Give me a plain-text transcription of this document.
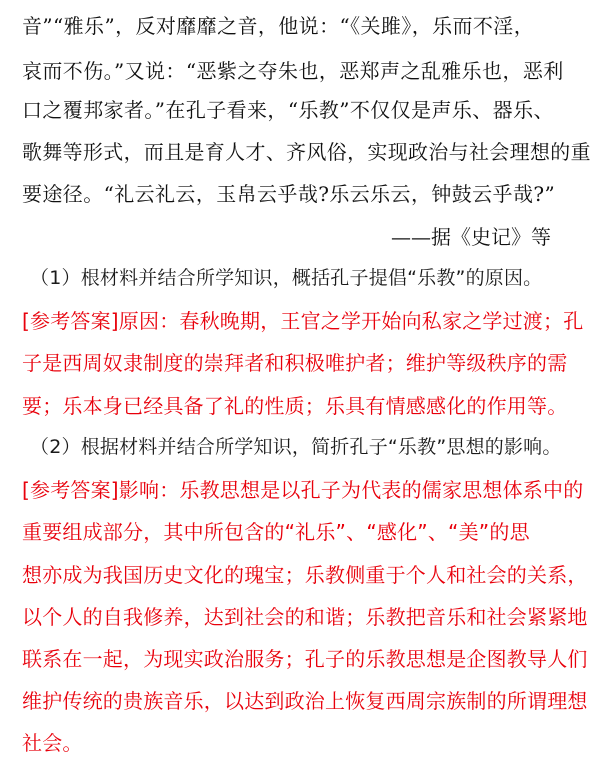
音”“雅乐”，反对靡靡之音，他说：“《关雎》，乐而不淫，
哀而不伤。”又说：“恶紫之夺朱也，恶郑声之乱雅乐也，恶利
口之覆邦家者。”在孔子看来，“乐教”不仅仅是声乐、器乐、
歌舞等形式，而且是育人才、齐风俗，实现政治与社会理想的重
要途径。“礼云礼云，玉帛云乎哉?乐云乐云，钟鼓云乎哉?”
——据《史记》等
（1）根材料并结合所学知识，概括孔子提倡“乐教”的原因。
[参考答案]原因：春秋晚期，王官之学开始向私家之学过渡；孔
子是西周奴隶制度的崇拜者和积极唯护者；维护等级秩序的需
要；乐本身已经具备了礼的性质；乐具有情感感化的作用等。
（2）根据材料并结合所学知识，简折孔子“乐教”思想的影响。
[参考答案]影响：乐教思想是以孔子为代表的儒家思想体系中的
重要组成部分，其中所包含的“礼乐”、“感化”、“美”的思
想亦成为我国历史文化的瑰宝；乐教侧重于个人和社会的关系，
以个人的自我修养，达到社会的和谐；乐教把音乐和社会紧紧地
联系在一起，为现实政治服务；孔子的乐教思想是企图教导人们
维护传统的贵族音乐，以达到政治上恢复西周宗族制的所谓理想
社会。
